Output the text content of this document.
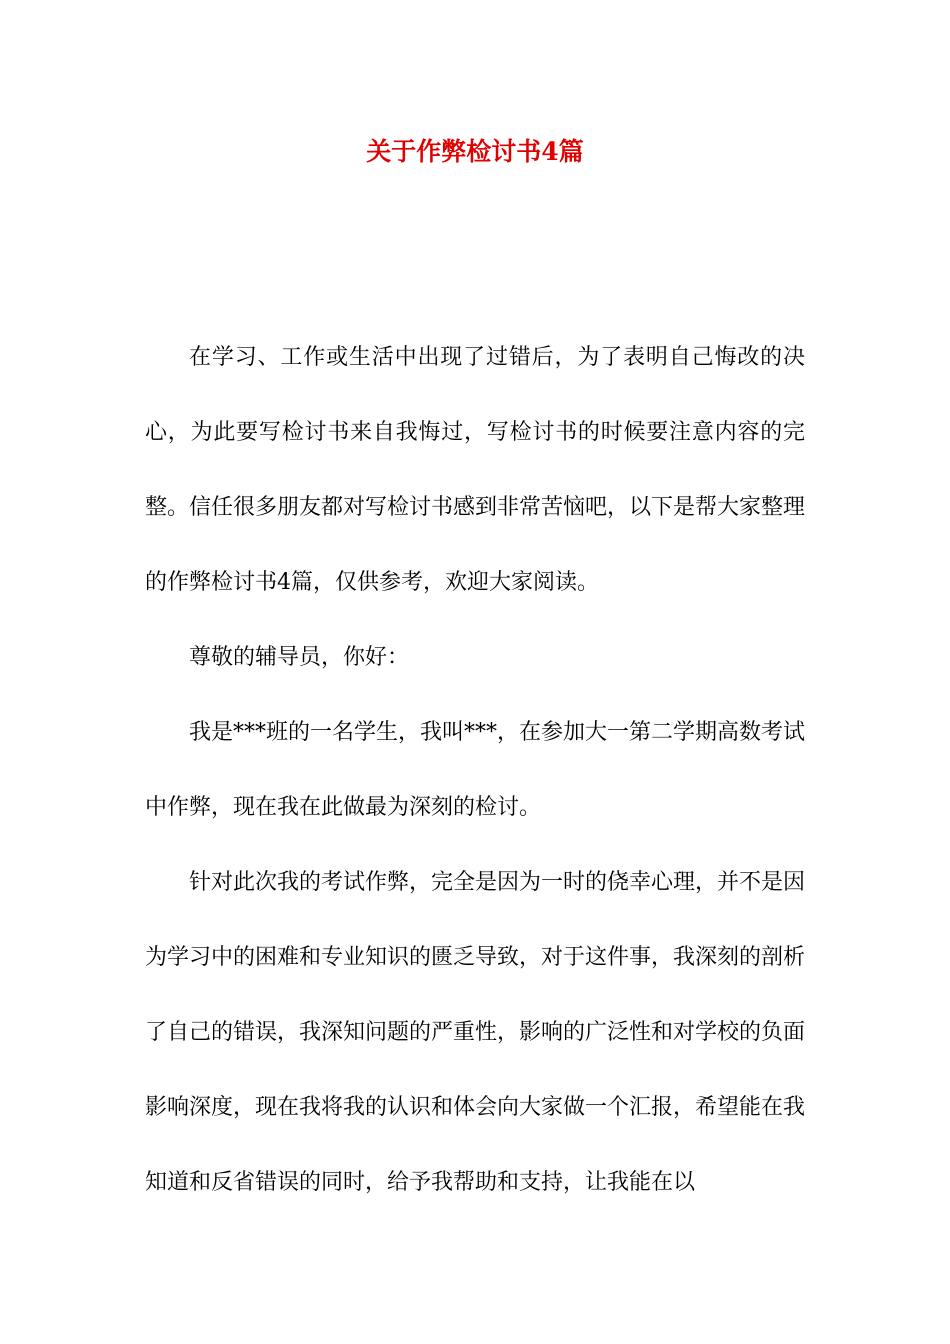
关于作弊检讨书4篇

在学习、工作或生活中出现了过错后，为了表明自己悔改的决心，为此要写检讨书来自我悔过，写检讨书的时候要注意内容的完整。信任很多朋友都对写检讨书感到非常苦恼吧，以下是帮大家整理的作弊检讨书4篇，仅供参考，欢迎大家阅读。

尊敬的辅导员，你好：

我是***班的一名学生，我叫***，在参加大一第二学期高数考试中作弊，现在我在此做最为深刻的检讨。

针对此次我的考试作弊，完全是因为一时的侥幸心理，并不是因为学习中的困难和专业知识的匮乏导致，对于这件事，我深刻的剖析了自己的错误，我深知问题的严重性，影响的广泛性和对学校的负面影响深度，现在我将我的认识和体会向大家做一个汇报，希望能在我知道和反省错误的同时，给予我帮助和支持，让我能在以
